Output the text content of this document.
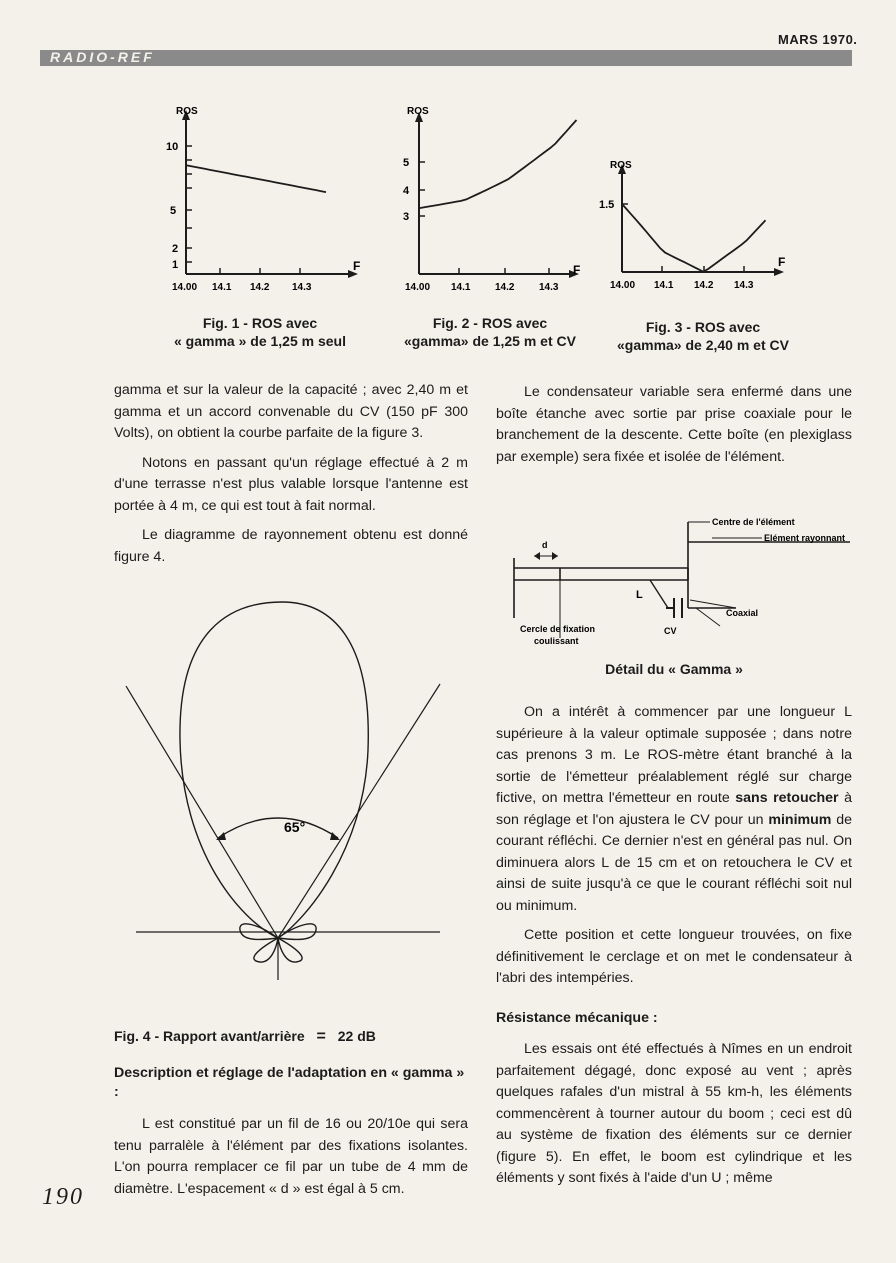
MARS 1970.
RADIO-REF
ROS
F
10
5
2
1
14.00 14.1 14.2 14.3
Fig. 1 - ROS avec
« gamma » de 1,25 m seul
ROS
F
5
4
3
14.00 14.1 14.2 14.3
Fig. 2 - ROS avec
«gamma» de 1,25 m et CV
ROS
F
1.5
14.00 14.1 14.2 14.3
Fig. 3 - ROS avec
«gamma» de 2,40 m et CV

gamma et sur la valeur de la capacité ; avec 2,40 m et gamma et un accord convenable du CV (150 pF 300 Volts), on obtient la courbe parfaite de la figure 3.

Notons en passant qu'un réglage effectué à 2 m d'une terrasse n'est plus valable lorsque l'antenne est portée à 4 m, ce qui est tout à fait normal.

Le diagramme de rayonnement obtenu est donné figure 4.

65°
Fig. 4 - Rapport avant/arrière = 22 dB

Description et réglage de l'adaptation en « gamma » :

L est constitué par un fil de 16 ou 20/10e qui sera tenu parralèle à l'élément par des fixations isolantes. L'on pourra remplacer ce fil par un tube de 4 mm de diamètre. L'espacement « d » est égal à 5 cm.

190

Le condensateur variable sera enfermé dans une boîte étanche avec sortie par prise coaxiale pour le branchement de la descente. Cette boîte (en plexiglass par exemple) sera fixée et isolée de l'élément.

Centre de l'élément
Elément rayonnant
Coaxial
L
CV
Cercle de fixation
coulissant
d
Détail du « Gamma »

On a intérêt à commencer par une longueur L supérieure à la valeur optimale supposée ; dans notre cas prenons 3 m. Le ROS-mètre étant branché à la sortie de l'émetteur préalablement réglé sur charge fictive, on mettra l'émetteur en route sans retoucher à son réglage et l'on ajustera le CV pour un minimum de courant réfléchi. Ce dernier n'est en général pas nul. On diminuera alors L de 15 cm et on retouchera le CV et ainsi de suite jusqu'à ce que le courant réfléchi soit nul ou minimum.

Cette position et cette longueur trouvées, on fixe définitivement le cerclage et on met le condensateur à l'abri des intempéries.

Résistance mécanique :

Les essais ont été effectués à Nîmes en un endroit parfaitement dégagé, donc exposé au vent ; après quelques rafales d'un mistral à 55 km-h, les éléments commencèrent à tourner autour du boom ; ceci est dû au système de fixation des éléments sur ce dernier (figure 5). En effet, le boom est cylindrique et les éléments y sont fixés à l'aide d'un U ; même
